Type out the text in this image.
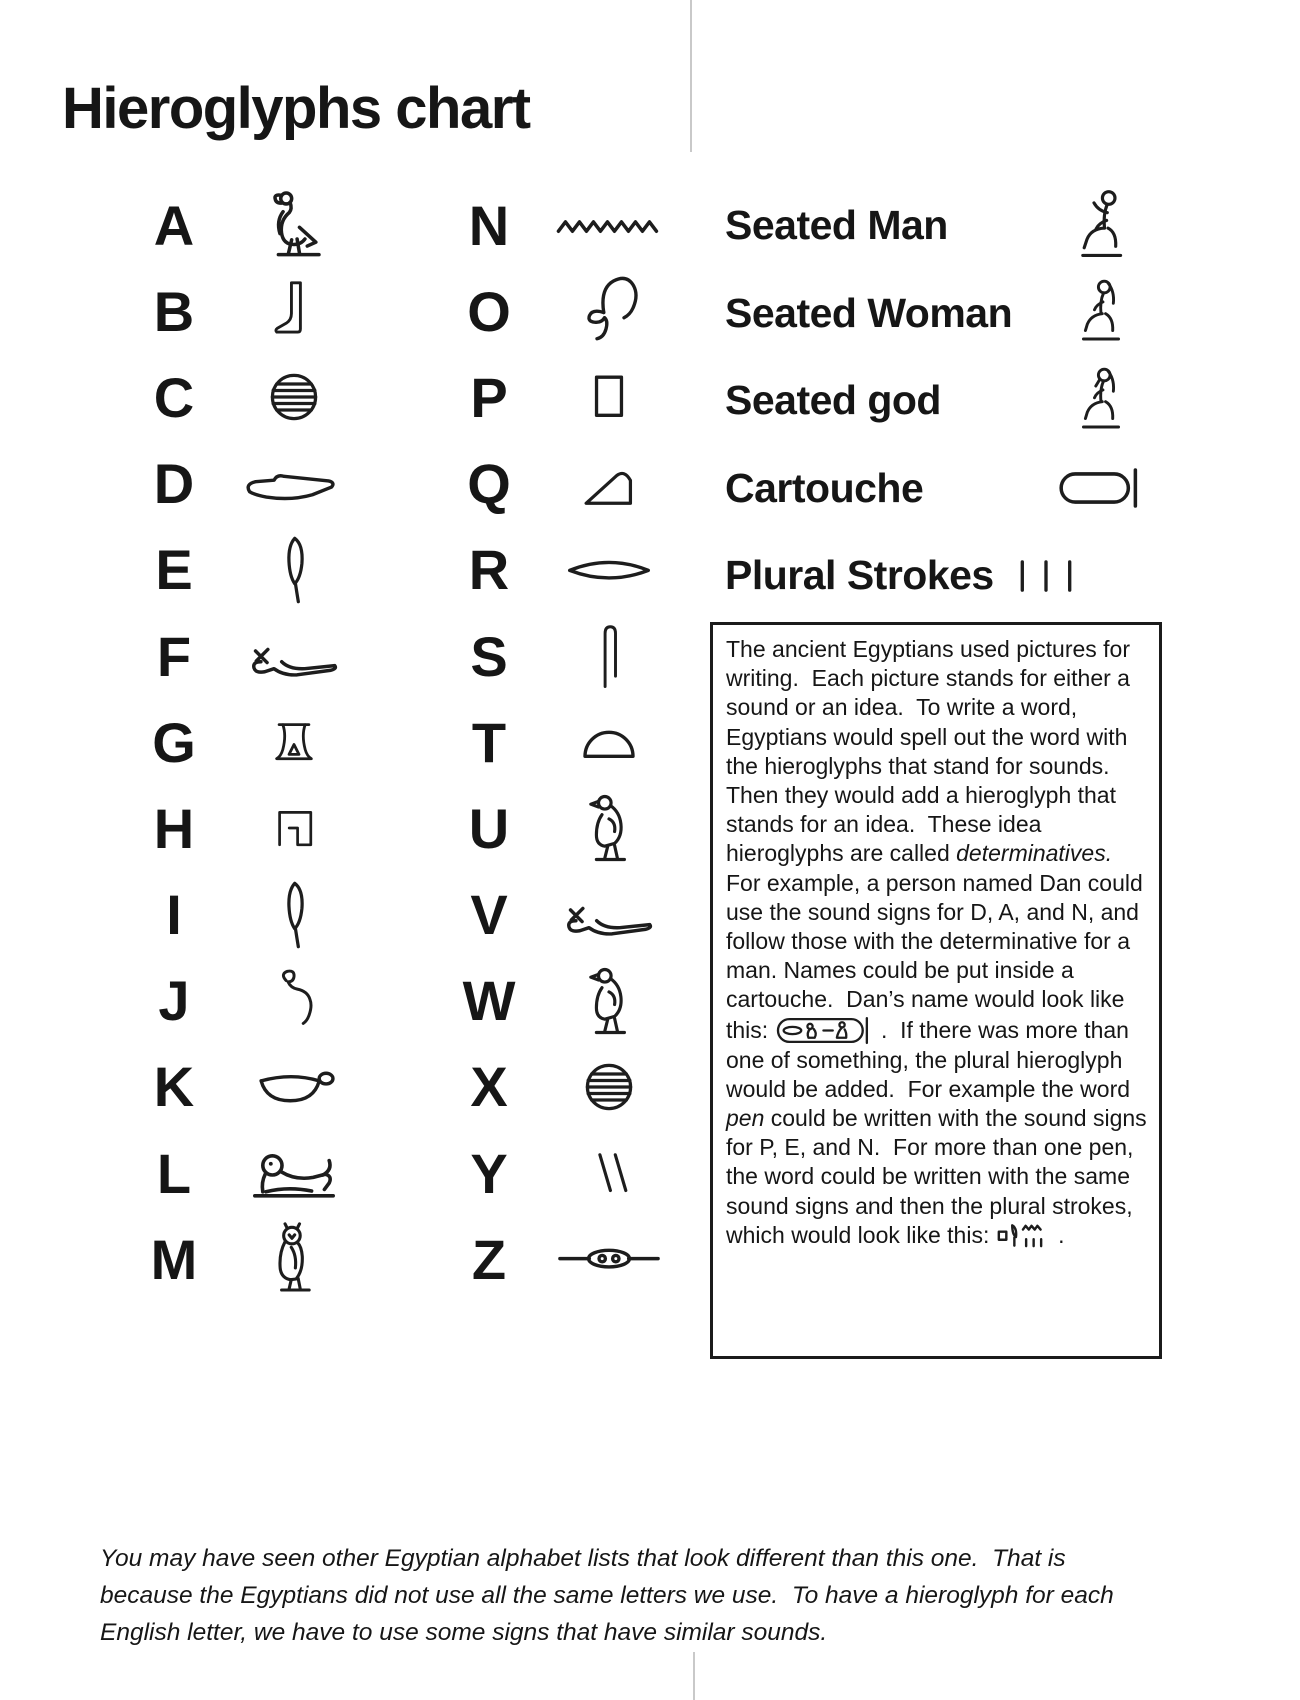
Hieroglyphs chart
A
B
C
D
E
F
G
H
I
J
K
L
M
N
O
P
Q
R
S
T
U
V
W
X
Y
Z
Seated Man
Seated Woman
Seated god
Cartouche
Plural Strokes
The ancient Egyptians used pictures for writing.  Each picture stands for either a sound or an idea.  To write a word, Egyptians would spell out the word with the hieroglyphs that stand for sounds.  Then they would add a hieroglyph that stands for an idea.  These idea hieroglyphs are called determinatives.  For example, a person named Dan could use the sound signs for D, A, and N, and follow those with the determinative for a man. Names could be put inside a cartouche.  Dan’s name would look like this:	.  If there was more than one of something, the plural hieroglyph would be added.  For example the word pen could be written with the sound signs for P, E, and N.  For more than one pen, the word could be written with the same sound signs and then the plural strokes, which would look like this:
.
You may have seen other Egyptian alphabet lists that look different than this one.  That is because the Egyptians did not use all the same letters we use.  To have a hieroglyph for each English letter, we have to use some signs that have similar sounds.
